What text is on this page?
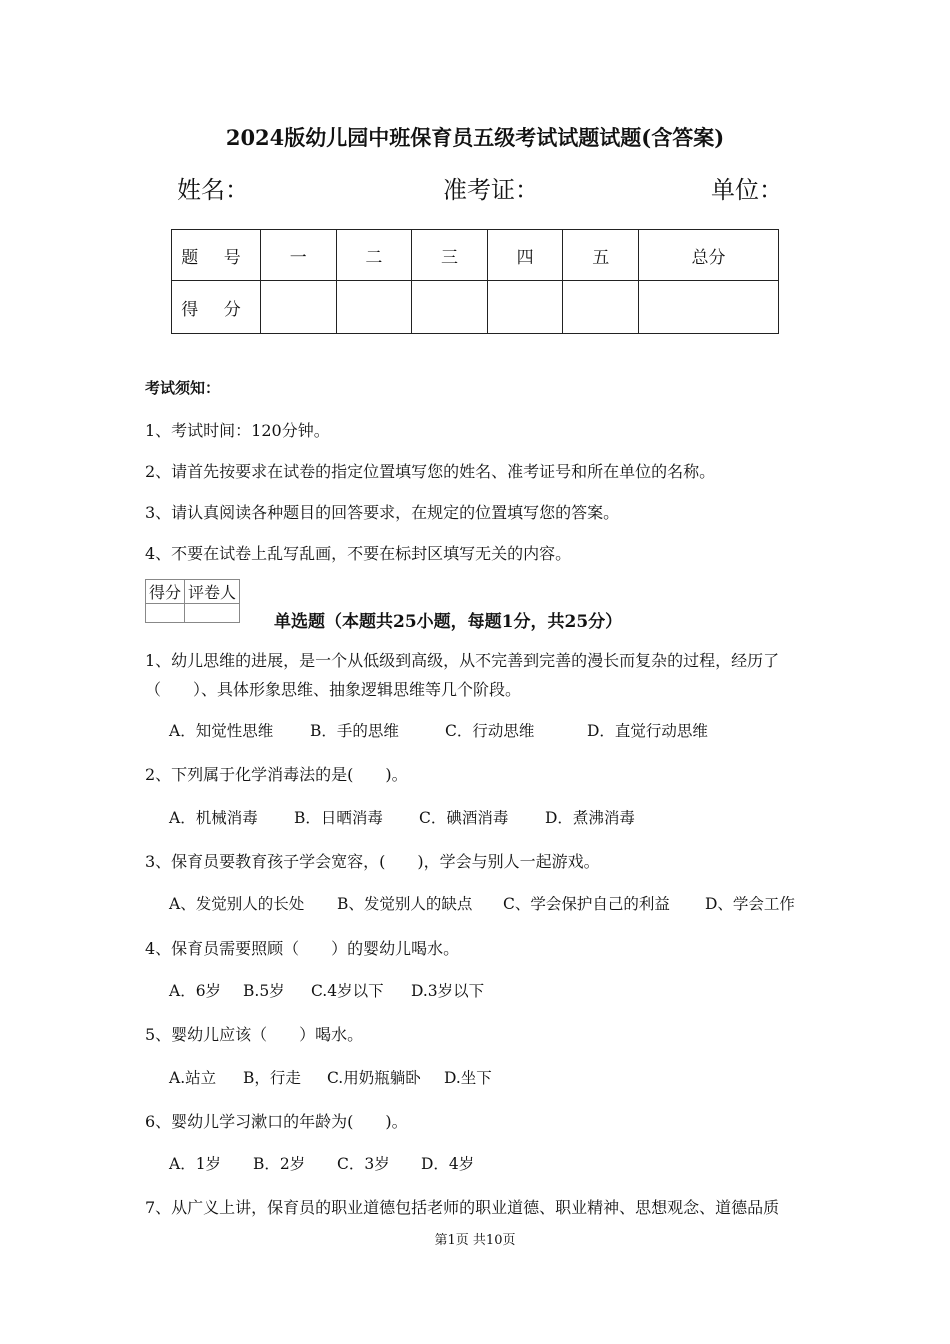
2024版幼儿园中班保育员五级考试试题试题(含答案)
姓名：	准考证：	单位：
题 号	一	二	三	四	五	总分
得 分						
考试须知：
1、考试时间：120分钟。
2、请首先按要求在试卷的指定位置填写您的姓名、准考证号和所在单位的名称。
3、请认真阅读各种题目的回答要求，在规定的位置填写您的答案。
4、不要在试卷上乱写乱画，不要在标封区填写无关的内容。
得分	评卷人

单选题（本题共25小题，每题1分，共25分）
1、幼儿思维的进展，是一个从低级到高级，从不完善到完善的漫长而复杂的过程，经历了
（　　）、具体形象思维、抽象逻辑思维等几个阶段。
A．知觉性思维 B．手的思维	C．行动思维	D．直觉行动思维
2、下列属于化学消毒法的是(　　)。
A．机械消毒 B．日晒消毒 C．碘酒消毒 D．煮沸消毒
3、保育员要教育孩子学会宽容，(　　)，学会与别人一起游戏。
A、发觉别人的长处 B、发觉别人的缺点 C、学会保护自己的利益 D、学会工作
4、保育员需要照顾（　　）的婴幼儿喝水。
A．6岁 B.5岁 C.4岁以下 D.3岁以下
5、婴幼儿应该（　　）喝水。
A.站立 B，行走 C.用奶瓶躺卧 D.坐下
6、婴幼儿学习漱口的年龄为(　　)。
A．1岁 B．2岁 C．3岁 D．4岁
7、从广义上讲，保育员的职业道德包括老师的职业道德、职业精神、思想观念、道德品质
第1页 共10页
